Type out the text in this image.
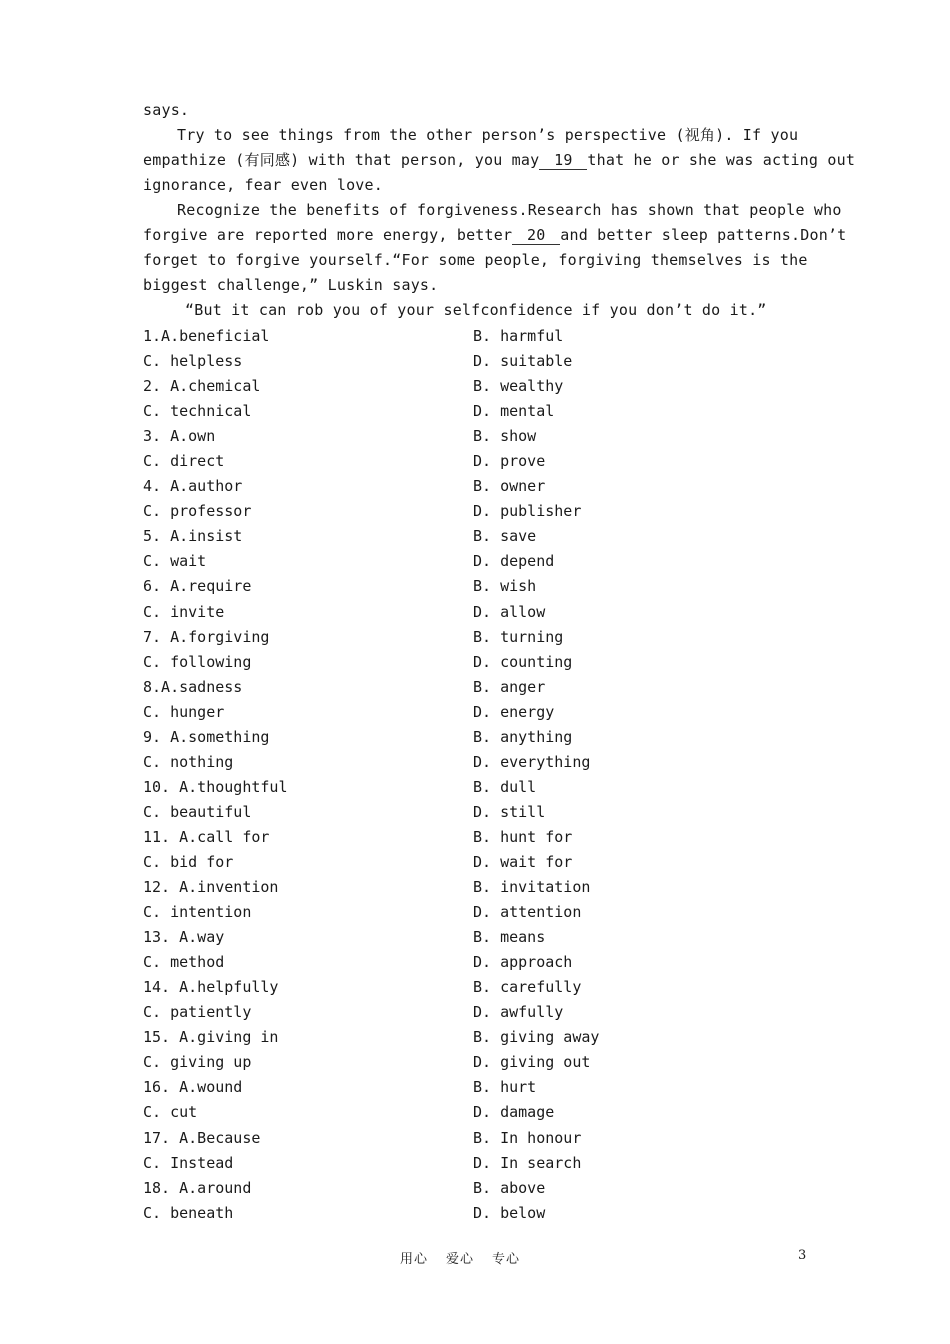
says.
Try to see things from the other person’s perspective (视角). If you
empathize (有同感) with that person, you may 19 that he or she was acting out
ignorance, fear even love.
Recognize the benefits of forgiveness.Research has shown that people who
forgive are reported more energy, better 20 and better sleep patterns.Don’t
forget to forgive yourself.“For some people, forgiving themselves is the
biggest challenge,” Luskin says.
“But it can rob you of your selfconfidence if you don’t do it.”
1.A.beneficial	B. harmful
C. helpless	D. suitable
2. A.chemical	B. wealthy
C. technical	D. mental
3. A.own	B. show
C. direct	D. prove
4. A.author	B. owner
C. professor	D. publisher
5. A.insist	B. save
C. wait	D. depend
6. A.require	B. wish
C. invite	D. allow
7. A.forgiving	B. turning
C. following	D. counting
8.A.sadness	B. anger
C. hunger	D. energy
9. A.something	B. anything
C. nothing	D. everything
10. A.thoughtful	B. dull
C. beautiful	D. still
11. A.call for	B. hunt for
C. bid for	D. wait for
12. A.invention	B. invitation
C. intention	D. attention
13. A.way	B. means
C. method	D. approach
14. A.helpfully	B. carefully
C. patiently	D. awfully
15. A.giving in	B. giving away
C. giving up	D. giving out
16. A.wound	B. hurt
C. cut	D. damage
17. A.Because	B. In honour
C. Instead	D. In search
18. A.around	B. above
C. beneath	D. below
用心 爱心 专心	3
